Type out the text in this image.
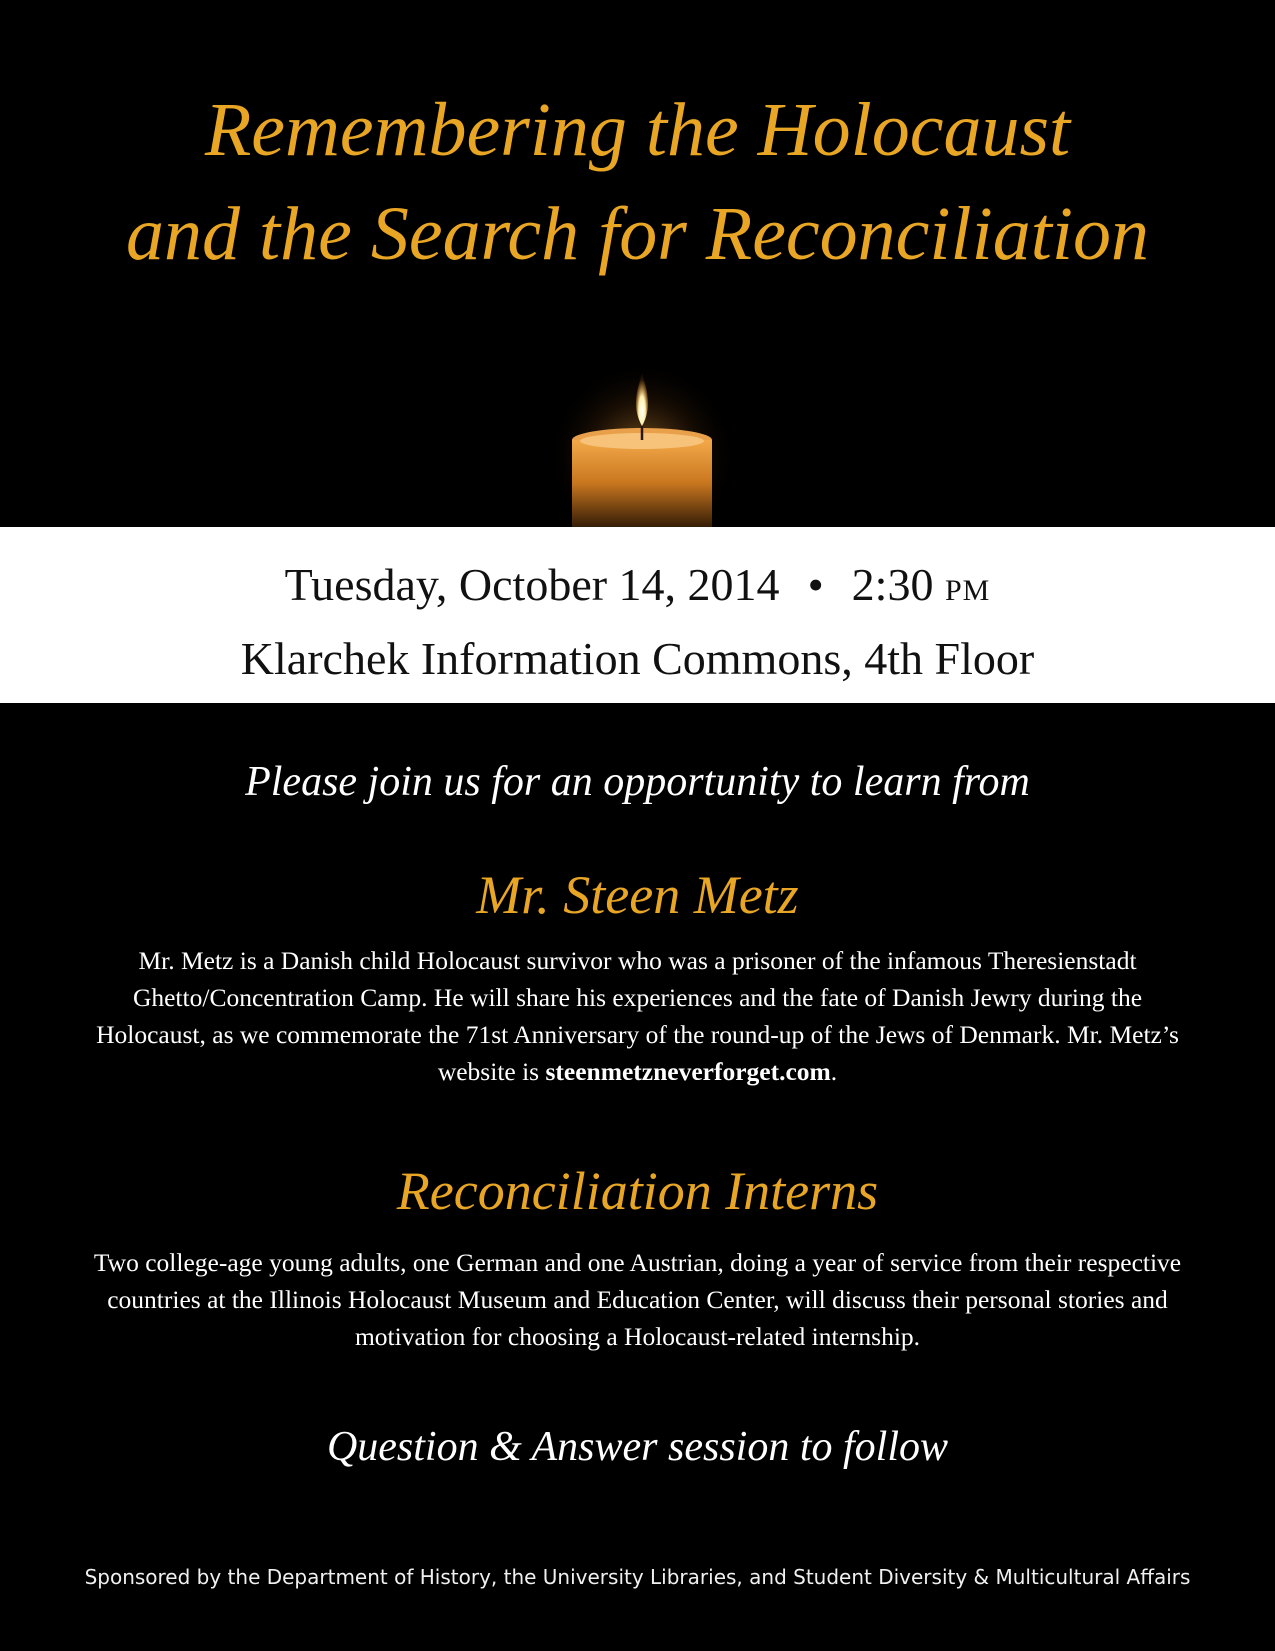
Remembering the Holocaust
and the Search for Reconciliation
Tuesday, October 14, 2014 • 2:30 PM
Klarchek Information Commons, 4th Floor
Please join us for an opportunity to learn from
Mr. Steen Metz
Mr. Metz is a Danish child Holocaust survivor who was a prisoner of the infamous Theresienstadt Ghetto/Concentration Camp. He will share his experiences and the fate of Danish Jewry during the Holocaust, as we commemorate the 71st Anniversary of the round-up of the Jews of Denmark. Mr. Metz’s website is steenmetzneverforget.com.
Reconciliation Interns
Two college-age young adults, one German and one Austrian, doing a year of service from their respective countries at the Illinois Holocaust Museum and Education Center, will discuss their personal stories and motivation for choosing a Holocaust-related internship.
Question & Answer session to follow
Sponsored by the Department of History, the University Libraries, and Student Diversity & Multicultural Affairs
